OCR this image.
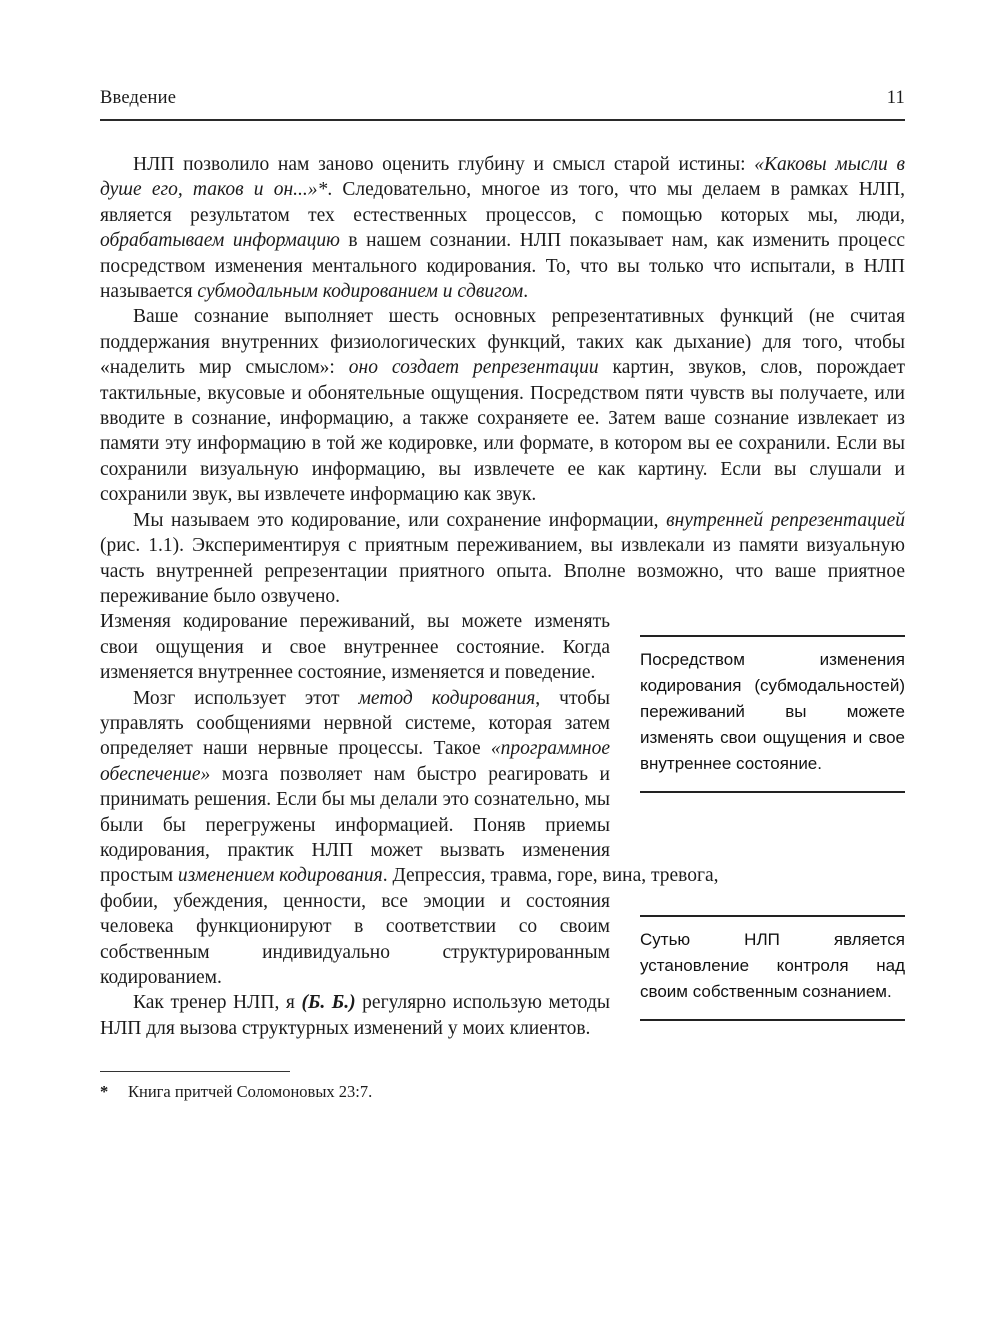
Введение	11

НЛП позволило нам заново оценить глубину и смысл старой истины: «Каковы мысли в душе его, таков и он...»*. Следовательно, многое из того, что мы делаем в рамках НЛП, является результатом тех естественных процессов, с помощью которых мы, люди, обрабатываем информацию в нашем сознании. НЛП показывает нам, как изменить процесс посредством изменения ментального кодирования. То, что вы только что испытали, в НЛП называется субмодальным кодированием и сдвигом.

Ваше сознание выполняет шесть основных репрезентативных функций (не считая поддержания внутренних физиологических функций, таких как дыхание) для того, чтобы «наделить мир смыслом»: оно создает репрезентации картин, звуков, слов, порождает тактильные, вкусовые и обонятельные ощущения. Посредством пяти чувств вы получаете, или вводите в сознание, информацию, а также сохраняете ее. Затем ваше сознание извлекает из памяти эту информацию в той же кодировке, или формате, в котором вы ее сохранили. Если вы сохранили визуальную информацию, вы извлечете ее как картину. Если вы слушали и сохранили звук, вы извлечете информацию как звук.

Мы называем это кодирование, или сохранение информации, внутренней репрезентацией (рис. 1.1). Экспериментируя с приятным переживанием, вы извлекали из памяти визуальную часть внутренней репрезентации приятного опыта. Вполне возможно, что ваше приятное переживание было озвучено.

Посредством изменения кодирования (субмодальностей) переживаний вы можете изменять свои ощущения и свое внутреннее состояние.

Изменяя кодирование переживаний, вы можете изменять свои ощущения и свое внутреннее состояние. Когда изменяется внутреннее состояние, изменяется и поведение.

Мозг использует этот метод кодирования, чтобы управлять сообщениями нервной системе, которая затем определяет наши нервные процессы. Такое «программное обеспечение» мозга позволяет нам быстро реагировать и принимать решения. Если бы мы делали это сознательно, мы были бы перегружены информацией. Поняв приемы кодирования, практик НЛП может вызвать изменения простым изменением кодирования. Депрессия, травма, горе, вина, тревога,

Сутью НЛП является установление контроля над своим собственным сознанием.

фобии, убеждения, ценности, все эмоции и состояния человека функционируют в соответствии со своим собственным индивидуально структурированным кодированием.

Как тренер НЛП, я (Б. Б.) регулярно использую методы НЛП для вызова структурных изменений у моих клиентов.

* Книга притчей Соломоновых 23:7.
